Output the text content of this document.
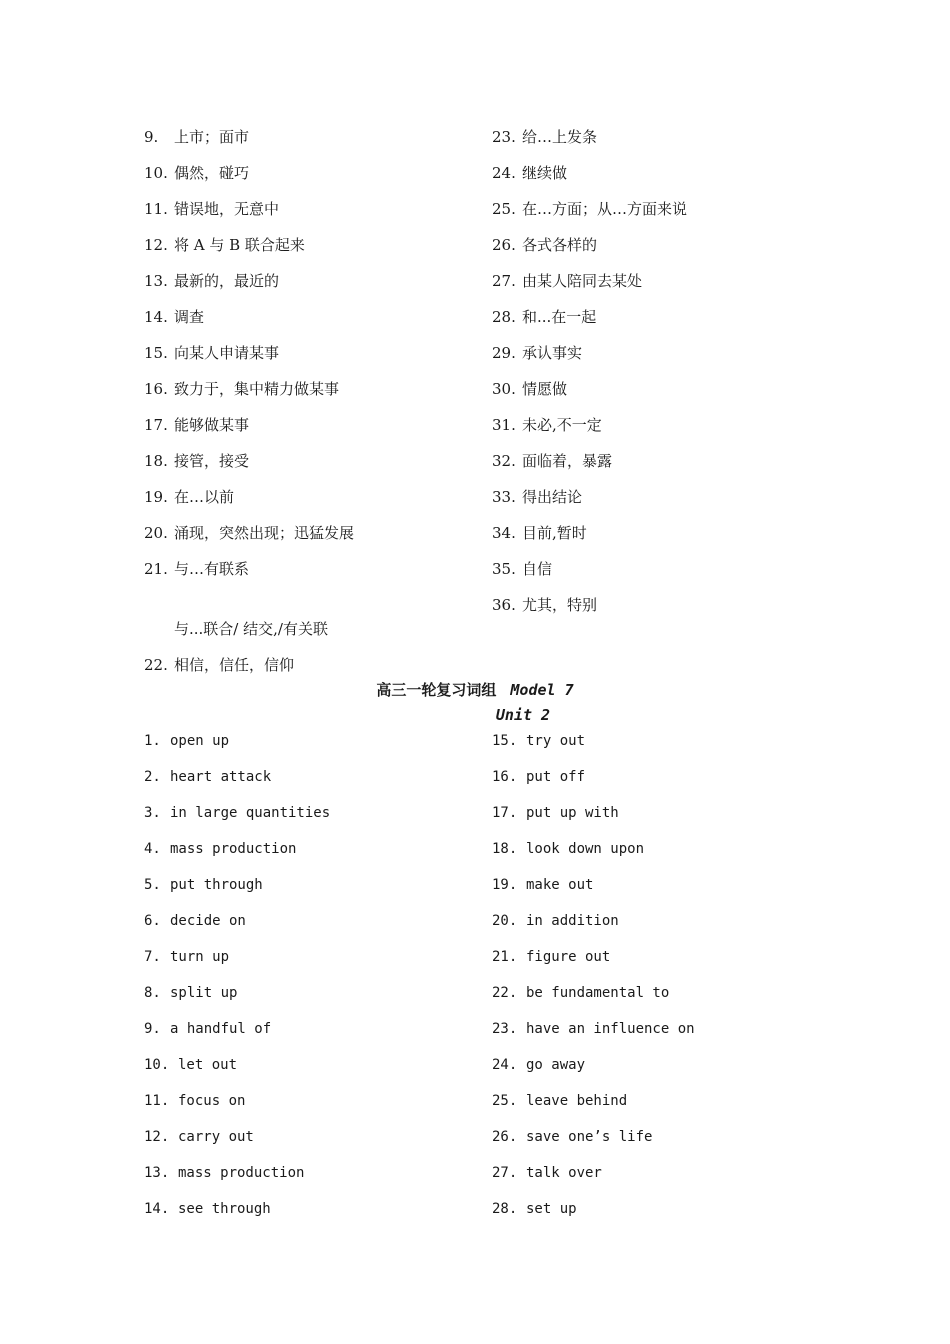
9.	上市；面市
10. 偶然，碰巧
11. 错误地，无意中
12. 将 A 与 B 联合起来
13. 最新的，最近的
14. 调查
15. 向某人申请某事
16. 致力于，集中精力做某事
17. 能够做某事
18. 接管，接受
19. 在…以前
20. 涌现，突然出现；迅猛发展
21. 与…有联系
与...联合/ 结交,/有关联
22. 相信，信任，信仰
23. 给…上发条
24. 继续做
25. 在…方面；从…方面来说
26. 各式各样的
27. 由某人陪同去某处
28. 和...在一起
29. 承认事实
30. 情愿做
31. 未必,不一定
32. 面临着，暴露
33. 得出结论
34. 目前,暂时
35. 自信
36. 尤其，特别
高三一轮复习词组 Model 7
Unit 2
1. open up
2. heart attack
3. in large quantities
4. mass production
5. put through
6. decide on
7. turn up
8. split up
9. a handful of
10. let out
11. focus on
12. carry out
13. mass production
14. see through
15. try out
16. put off
17. put up with
18. look down upon
19. make out
20. in addition
21. figure out
22. be fundamental to
23. have an influence on
24. go away
25. leave behind
26. save one’s life
27. talk over
28. set up
